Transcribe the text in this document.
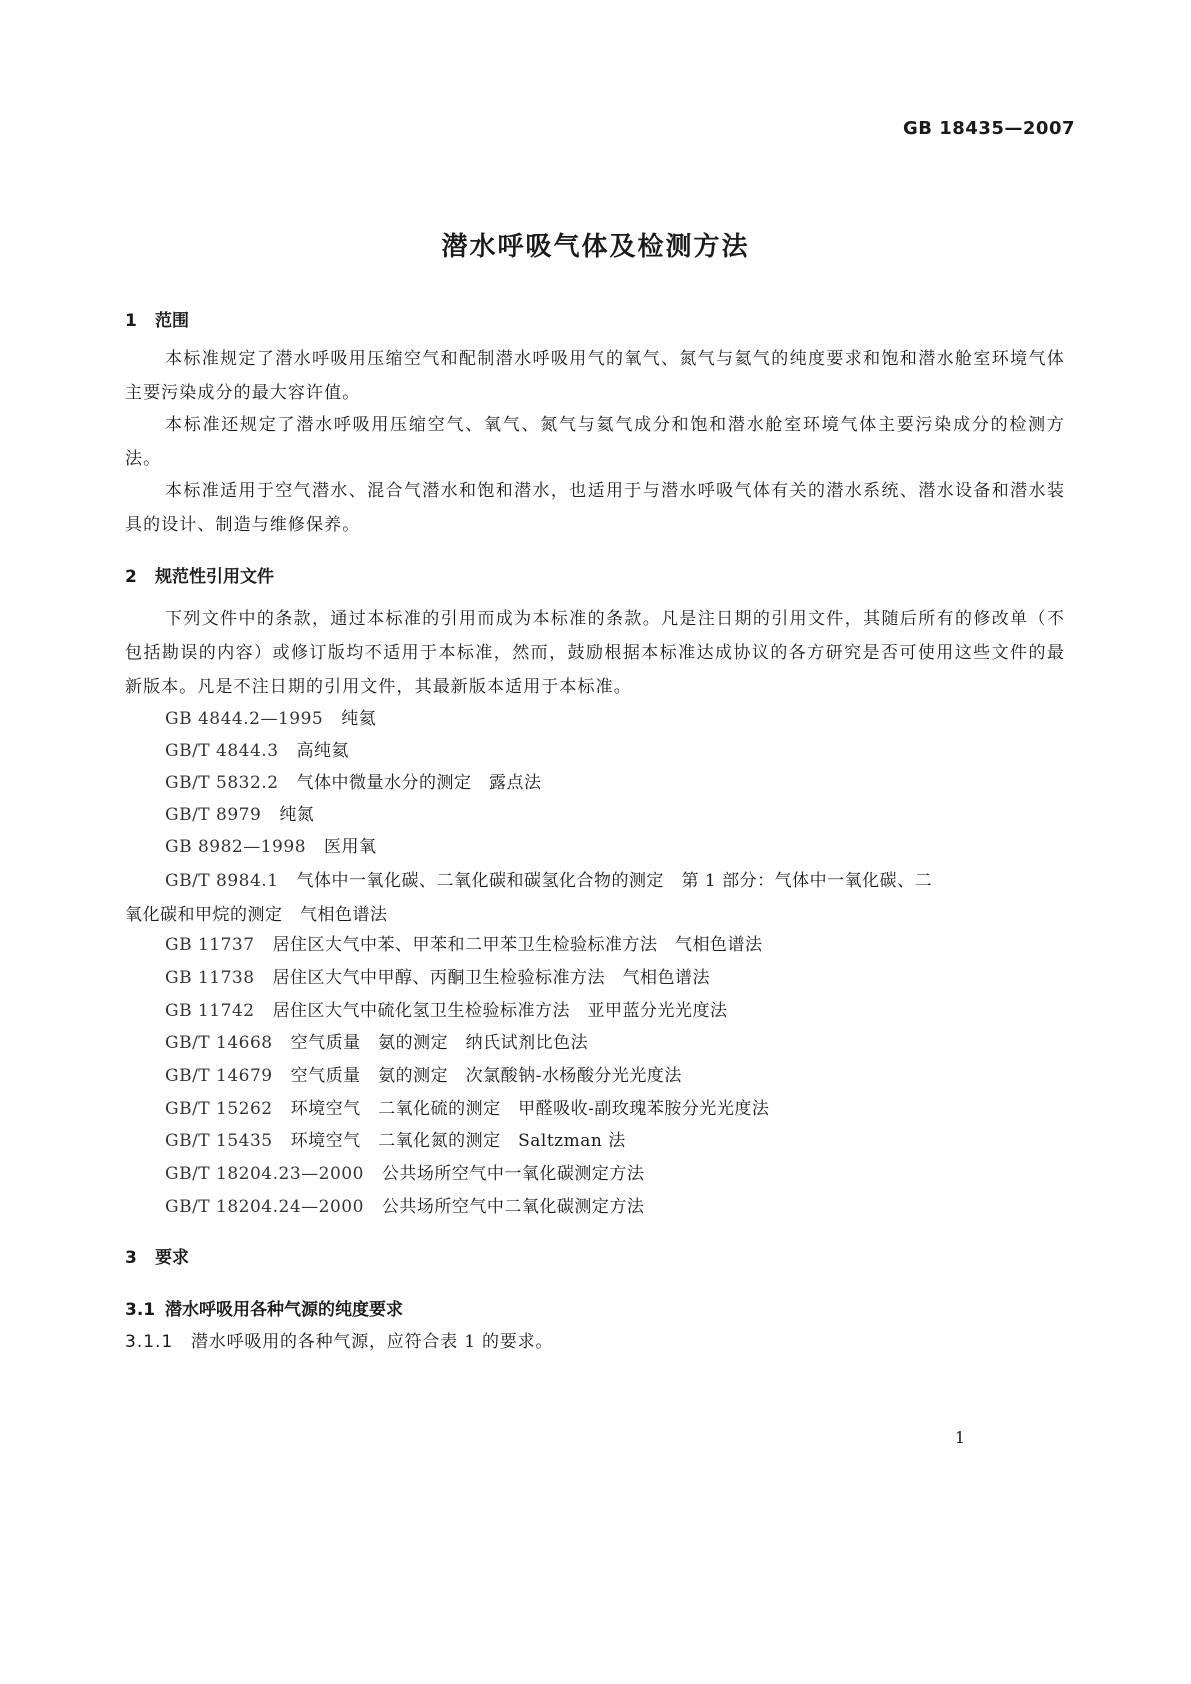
GB 18435—2007
潜水呼吸气体及检测方法
1 范围
本标准规定了潜水呼吸用压缩空气和配制潜水呼吸用气的氧气、氮气与氦气的纯度要求和饱和潜水舱室环境气体主要污染成分的最大容许值。
本标准还规定了潜水呼吸用压缩空气、氧气、氮气与氦气成分和饱和潜水舱室环境气体主要污染成分的检测方法。
本标准适用于空气潜水、混合气潜水和饱和潜水，也适用于与潜水呼吸气体有关的潜水系统、潜水设备和潜水装具的设计、制造与维修保养。
2 规范性引用文件
下列文件中的条款，通过本标准的引用而成为本标准的条款。凡是注日期的引用文件，其随后所有的修改单（不包括勘误的内容）或修订版均不适用于本标准，然而，鼓励根据本标准达成协议的各方研究是否可使用这些文件的最新版本。凡是不注日期的引用文件，其最新版本适用于本标准。
GB 4844.2—1995 纯氦
GB/T 4844.3 高纯氦
GB/T 5832.2 气体中微量水分的测定　露点法
GB/T 8979 纯氮
GB 8982—1998 医用氧
GB/T 8984.1 气体中一氧化碳、二氧化碳和碳氢化合物的测定　第 1 部分：气体中一氧化碳、二
氧化碳和甲烷的测定　气相色谱法
GB 11737 居住区大气中苯、甲苯和二甲苯卫生检验标准方法　气相色谱法
GB 11738 居住区大气中甲醇、丙酮卫生检验标准方法　气相色谱法
GB 11742 居住区大气中硫化氢卫生检验标准方法　亚甲蓝分光光度法
GB/T 14668 空气质量　氨的测定　纳氏试剂比色法
GB/T 14679 空气质量　氨的测定　次氯酸钠-水杨酸分光光度法
GB/T 15262 环境空气　二氧化硫的测定　甲醛吸收-副玫瑰苯胺分光光度法
GB/T 15435 环境空气　二氧化氮的测定　Saltzman 法
GB/T 18204.23—2000 公共场所空气中一氧化碳测定方法
GB/T 18204.24—2000 公共场所空气中二氧化碳测定方法
3 要求
3.1 潜水呼吸用各种气源的纯度要求
3.1.1 潜水呼吸用的各种气源，应符合表 1 的要求。
1
